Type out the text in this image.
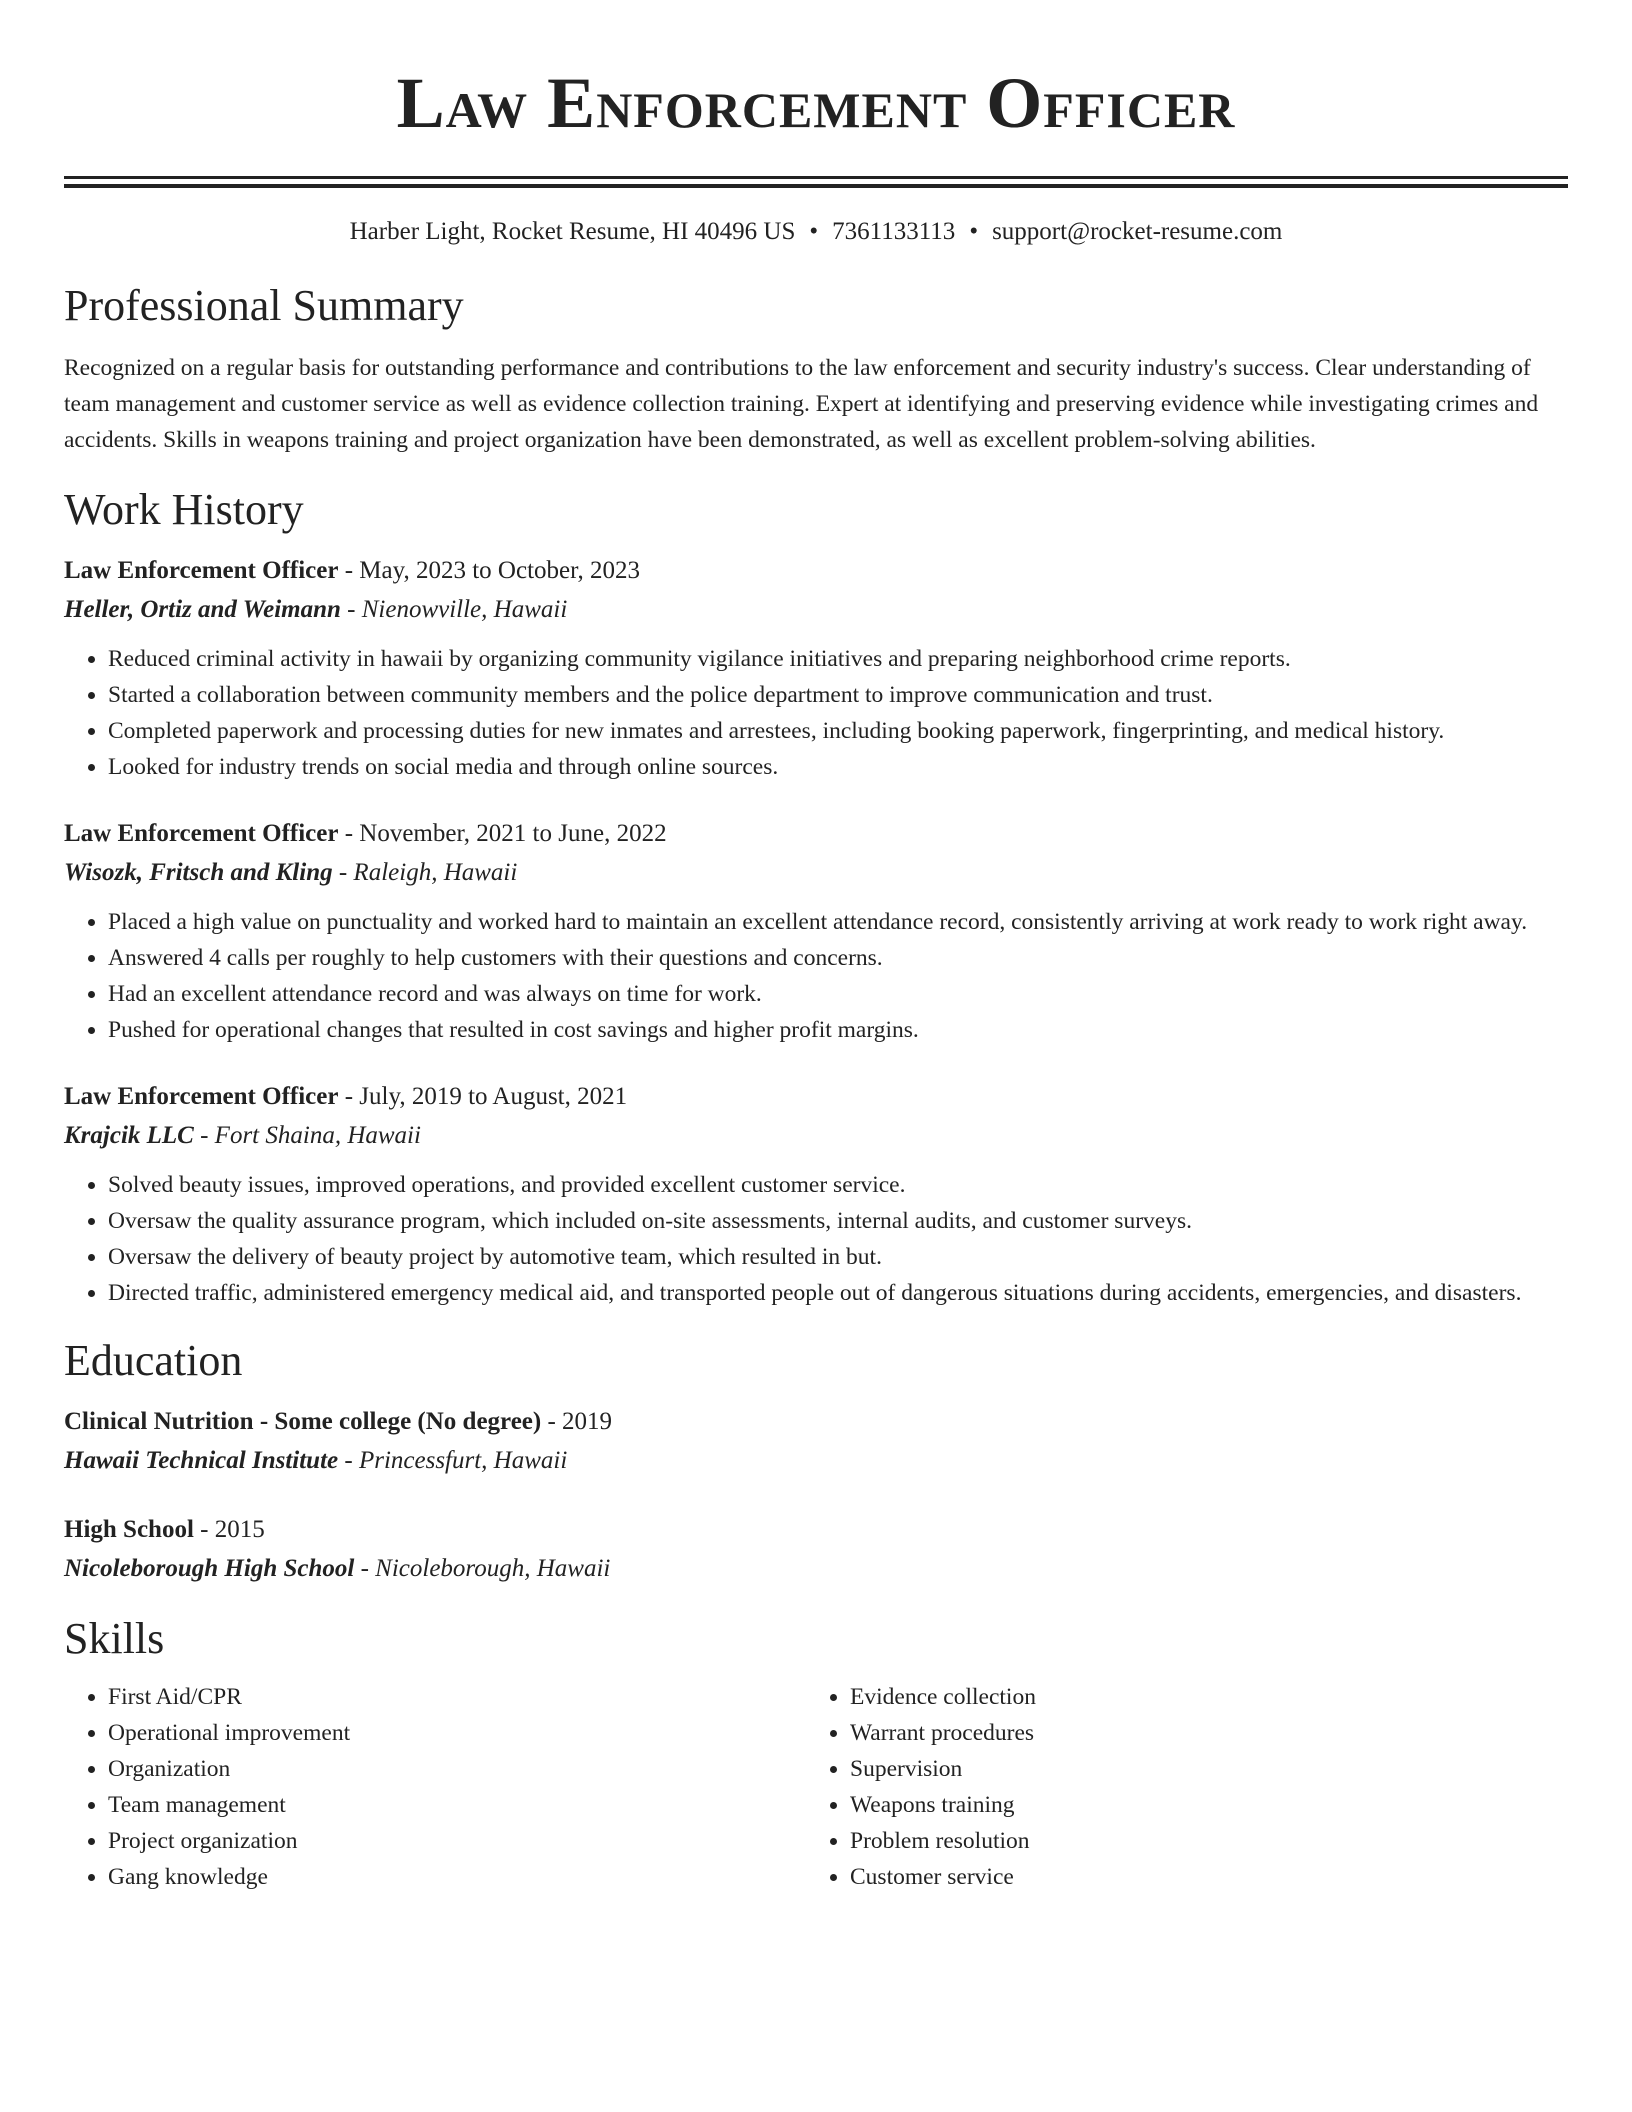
Law Enforcement Officer
Harber Light, Rocket Resume, HI 40496 US • 7361133113 • support@rocket-resume.com
Professional Summary

Recognized on a regular basis for outstanding performance and contributions to the law enforcement and security industry's success. Clear understanding of team management and customer service as well as evidence collection training. Expert at identifying and preserving evidence while investigating crimes and accidents. Skills in weapons training and project organization have been demonstrated, as well as excellent problem-solving abilities.

Work History
Law Enforcement Officer - May, 2023 to October, 2023
Heller, Ortiz and Weimann - Nienowville, Hawaii
• Reduced criminal activity in hawaii by organizing community vigilance initiatives and preparing neighborhood crime reports.
• Started a collaboration between community members and the police department to improve communication and trust.
• Completed paperwork and processing duties for new inmates and arrestees, including booking paperwork, fingerprinting, and medical history.
• Looked for industry trends on social media and through online sources.
Law Enforcement Officer - November, 2021 to June, 2022
Wisozk, Fritsch and Kling - Raleigh, Hawaii
• Placed a high value on punctuality and worked hard to maintain an excellent attendance record, consistently arriving at work ready to work right away.
• Answered 4 calls per roughly to help customers with their questions and concerns.
• Had an excellent attendance record and was always on time for work.
• Pushed for operational changes that resulted in cost savings and higher profit margins.
Law Enforcement Officer - July, 2019 to August, 2021
Krajcik LLC - Fort Shaina, Hawaii
• Solved beauty issues, improved operations, and provided excellent customer service.
• Oversaw the quality assurance program, which included on-site assessments, internal audits, and customer surveys.
• Oversaw the delivery of beauty project by automotive team, which resulted in but.
• Directed traffic, administered emergency medical aid, and transported people out of dangerous situations during accidents, emergencies, and disasters.
Education
Clinical Nutrition - Some college (No degree) - 2019
Hawaii Technical Institute - Princessfurt, Hawaii
High School - 2015
Nicoleborough High School - Nicoleborough, Hawaii
Skills
• First Aid/CPR
• Operational improvement
• Organization
• Team management
• Project organization
• Gang knowledge
• Evidence collection
• Warrant procedures
• Supervision
• Weapons training
• Problem resolution
• Customer service
